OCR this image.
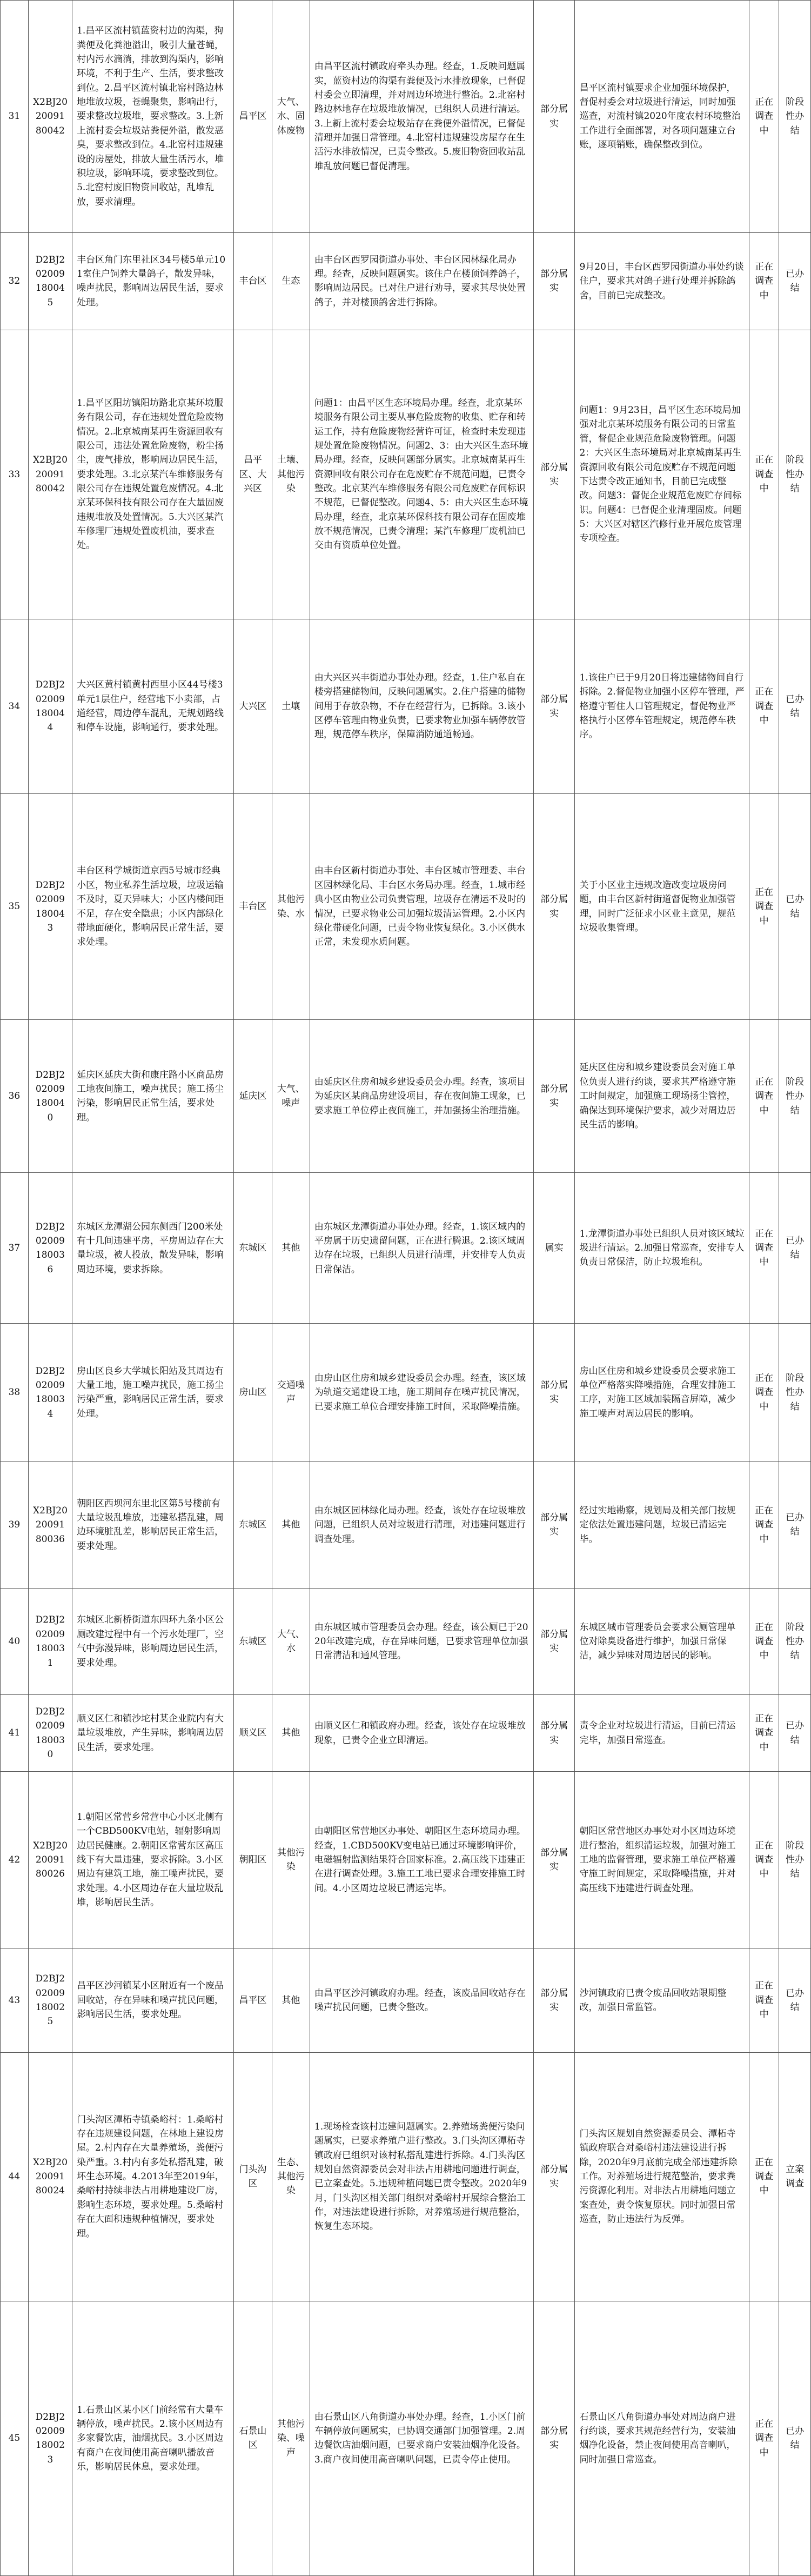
31	X2BJ202009180042	1.昌平区流村镇蓝资村边的沟渠，狗粪便及化粪池溢出，吸引大量苍蝇，村内污水滴淌，排放到沟渠内，影响环境，不利于生产、生活，要求整改到位。2.昌平区流村镇北窑村路边林地堆放垃圾，苍蝇聚集，影响出行，要求整改垃圾堆，要求整改。3.上新上流村委会垃圾站粪便外溢，散发恶臭，要求整改到位。4.北窑村违规建设的房屋处，排放大量生活污水，堆积垃圾，影响环境，要求整改到位。5.北窑村废旧物资回收站，乱堆乱放，要求清理。	昌平区	大气、水、固体废物	由昌平区流村镇政府牵头办理。经查，1.反映问题属实，蓝资村边的沟渠有粪便及污水排放现象，已督促村委会立即清理，并对周边环境进行整治。2.北窑村路边林地存在垃圾堆放情况，已组织人员进行清运。3.上新上流村委会垃圾站存在粪便外溢情况，已督促清理并加强日常管理。4.北窑村违规建设房屋存在生活污水排放情况，已责令整改。5.废旧物资回收站乱堆乱放问题已督促清理。	部分属实	昌平区流村镇要求企业加强环境保护，督促村委会对垃圾进行清运，同时加强巡查，对流村镇2020年度农村环境整治工作进行全面部署，对各项问题建立台账，逐项销账，确保整改到位。	正在调查中	阶段性办结
32	D2BJ202009180045	丰台区角门东里社区34号楼5单元101室住户饲养大量鸽子，散发异味，噪声扰民，影响周边居民生活，要求处理。	丰台区	生态	由丰台区西罗园街道办事处、丰台区园林绿化局办理。经查，反映问题属实。该住户在楼顶饲养鸽子，影响周边居民。已对住户进行劝导，要求其尽快处置鸽子，并对楼顶鸽舍进行拆除。	部分属实	9月20日，丰台区西罗园街道办事处约谈住户，要求其对鸽子进行处理并拆除鸽舍，目前已完成整改。	正在调查中	已办结
33	X2BJ202009180042	1.昌平区阳坊镇阳坊路北京某环境服务有限公司，存在违规处置危险废物情况。2.北京城南某再生资源回收有限公司，违法处置危险废物，粉尘扬尘，废气排放，影响周边居民生活，要求处理。3.北京某汽车维修服务有限公司存在违规处置危废情况。4.北京某环保科技有限公司存在大量固废违规堆放及处置情况。5.大兴区某汽车修理厂违规处置废机油，要求查处。	昌平区、大兴区	土壤、其他污染	问题1：由昌平区生态环境局办理。经查，北京某环境服务有限公司主要从事危险废物的收集、贮存和转运工作，持有危险废物经营许可证，检查时未发现违规处置危险废物情况。问题2、3：由大兴区生态环境局办理。经查，反映问题部分属实。北京城南某再生资源回收有限公司存在危废贮存不规范问题，已责令整改。北京某汽车维修服务有限公司危废贮存间标识不规范，已督促整改。问题4、5：由大兴区生态环境局办理，经查，北京某环保科技有限公司存在固废堆放不规范情况，已责令清理；某汽车修理厂废机油已交由有资质单位处置。	部分属实	问题1：9月23日，昌平区生态环境局加强对北京某环境服务有限公司的日常监管，督促企业规范危险废物管理。问题2：大兴区生态环境局对北京城南某再生资源回收有限公司危废贮存不规范问题下达责令改正通知书，目前已完成整改。问题3：督促企业规范危废贮存间标识。问题4：已督促企业清理固废。问题5：大兴区对辖区汽修行业开展危废管理专项检查。	正在调查中	阶段性办结
34	D2BJ202009180044	大兴区黄村镇黄村西里小区44号楼3单元1层住户，经营地下小卖部，占道经营，周边停车混乱，无规划路线和停车设施，影响通行，要求处理。	大兴区	土壤	由大兴区兴丰街道办事处办理。经查，1.住户私自在楼旁搭建储物间，反映问题属实。2.住户搭建的储物间用于存放杂物，不存在经营行为，已拆除。3.该小区停车管理由物业负责，已要求物业加强车辆停放管理，规范停车秩序，保障消防通道畅通。	部分属实	1.该住户已于9月20日将违建储物间自行拆除。2.督促物业加强小区停车管理，严格遵守暂住人口管理规定，督促物业严格执行小区停车管理规定，规范停车秩序。	正在调查中	已办结
35	D2BJ202009180043	丰台区科学城街道京西5号城市经典小区，物业私养生活垃圾，垃圾运输不及时，夏天异味大；小区内楼间距不足，存在安全隐患；小区内部绿化带地面硬化，影响居民正常生活，要求处理。	丰台区	其他污染、水	由丰台区新村街道办事处、丰台区城市管理委、丰台区园林绿化局、丰台区水务局办理。经查，1.城市经典小区由物业公司负责管理，垃圾存在清运不及时的情况，已要求物业公司加强垃圾清运管理。2.小区内绿化带硬化问题，已责令物业恢复绿化。3.小区供水正常，未发现水质问题。	部分属实	关于小区业主违规改造改变垃圾房问题，由丰台区新村街道督促物业加强管理，同时广泛征求小区业主意见，规范垃圾收集管理。	正在调查中	已办结
36	D2BJ202009180040	延庆区延庆大街和康庄路小区商品房工地夜间施工，噪声扰民；施工扬尘污染，影响居民正常生活，要求处理。	延庆区	大气、噪声	由延庆区住房和城乡建设委员会办理。经查，该项目为延庆区某商品房建设项目，存在夜间施工现象，已要求施工单位停止夜间施工，并加强扬尘治理措施。	部分属实	延庆区住房和城乡建设委员会对施工单位负责人进行约谈，要求其严格遵守施工时间规定，加强施工现场扬尘管控，确保达到环境保护要求，减少对周边居民生活的影响。	正在调查中	阶段性办结
37	D2BJ202009180036	东城区龙潭湖公园东侧西门200米处有十几间违建平房，平房周边存在大量垃圾，被人投放，散发异味，影响周边环境，要求拆除。	东城区	其他	由东城区龙潭街道办事处办理。经查，1.该区域内的平房属于历史遗留问题，正在进行腾退。2.该区域周边存在垃圾，已组织人员进行清理，并安排专人负责日常保洁。	属实	1.龙潭街道办事处已组织人员对该区域垃圾进行清运。2.加强日常巡查，安排专人负责日常保洁，防止垃圾堆积。	正在调查中	已办结
38	D2BJ202009180034	房山区良乡大学城长阳站及其周边有大量工地，施工噪声扰民，施工扬尘污染严重，影响居民正常生活，要求处理。	房山区	交通噪声	由房山区住房和城乡建设委员会办理。经查，该区域为轨道交通建设工地，施工期间存在噪声扰民情况，已要求施工单位合理安排施工时间，采取降噪措施。	部分属实	房山区住房和城乡建设委员会要求施工单位严格落实降噪措施，合理安排施工工序，对施工区域加装隔音屏障，减少施工噪声对周边居民的影响。	正在调查中	阶段性办结
39	X2BJ202009180036	朝阳区西坝河东里北区第5号楼前有大量垃圾乱堆放，违建私搭乱建，周边环境脏乱差，影响居民正常生活，要求处理。	东城区	其他	由东城区园林绿化局办理。经查，该处存在垃圾堆放问题，已组织人员对垃圾进行清理，对违建问题进行调查处理。	部分属实	经过实地勘察，规划局及相关部门按规定依法处置违建问题，垃圾已清运完毕。	正在调查中	已办结
40	D2BJ202009180031	东城区北新桥街道东四环九条小区公厕改建过程中有一个污水处理厂，空气中弥漫异味，影响周边居民生活，要求处理。	东城区	大气、水	由东城区城市管理委员会办理。经查，该公厕已于2020年改建完成，存在异味问题，已要求管理单位加强日常清洁和通风管理。	部分属实	东城区城市管理委员会要求公厕管理单位对除臭设备进行维护，加强日常保洁，减少异味对周边居民的影响。	正在调查中	阶段性办结
41	D2BJ202009180030	顺义区仁和镇沙坨村某企业院内有大量垃圾堆放，产生异味，影响周边居民生活，要求处理。	顺义区	其他	由顺义区仁和镇政府办理。经查，该处存在垃圾堆放现象，已责令企业立即清运。	部分属实	责令企业对垃圾进行清运，目前已清运完毕，加强日常巡查。	正在调查中	已办结
42	X2BJ202009180026	1.朝阳区常营乡常营中心小区北侧有一个CBD500KV电站，辐射影响周边居民健康。2.朝阳区常营东区高压线下有大量违建，要求拆除。3.小区周边有建筑工地，施工噪声扰民，要求处理。4.小区周边存在大量垃圾乱堆，影响居民生活。	朝阳区	其他污染	由朝阳区常营地区办事处、朝阳区生态环境局办理。经查，1.CBD500KV变电站已通过环境影响评价，电磁辐射监测结果符合国家标准。2.高压线下违建正在进行调查处理。3.施工工地已要求合理安排施工时间。4.小区周边垃圾已清运完毕。	部分属实	朝阳区常营地区办事处对小区周边环境进行整治，组织清运垃圾，加强对施工工地的监督管理，要求施工单位严格遵守施工时间规定，采取降噪措施，并对高压线下违建进行调查处理。	正在调查中	阶段性办结
43	D2BJ202009180025	昌平区沙河镇某小区附近有一个废品回收站，存在异味和噪声扰民问题，影响居民生活，要求处理。	昌平区	其他	由昌平区沙河镇政府办理。经查，该废品回收站存在噪声扰民问题，已责令整改。	部分属实	沙河镇政府已责令废品回收站限期整改，加强日常监管。	正在调查中	已办结
44	X2BJ202009180024	门头沟区潭柘寺镇桑峪村：1.桑峪村存在违规建设问题，在林地上建设房屋。2.村内存在大量养殖场，粪便污染严重。3.村内有多处私搭乱建，破坏生态环境。4.2013年至2019年，桑峪村持续非法占用耕地建设厂房，影响生态环境，要求处理。5.桑峪村存在大面积违规种植情况，要求处理。	门头沟区	生态、其他污染	1.现场检查该村违建问题属实。2.养殖场粪便污染问题属实，已要求养殖户进行整改。3.门头沟区潭柘寺镇政府已组织对该村私搭乱建进行拆除。4.门头沟区规划自然资源委员会对非法占用耕地问题进行调查，已立案查处。5.违规种植问题已责令整改。2020年9月，门头沟区相关部门组织对桑峪村开展综合整治工作，对违法建设进行拆除，对养殖场进行规范整治，恢复生态环境。	部分属实	门头沟区规划自然资源委员会、潭柘寺镇政府联合对桑峪村违法建设进行拆除，2020年9月底前完成全部违建拆除工作。对养殖场进行规范整治，要求粪污资源化利用。对非法占用耕地问题立案查处，责令恢复原状。同时加强日常巡查，防止违法行为反弹。	正在调查中	立案调查
45	D2BJ202009180023	1.石景山区某小区门前经常有大量车辆停放，噪声扰民。2.该小区周边有多家餐饮店，油烟扰民。3.小区周边有商户在夜间使用高音喇叭播放音乐，影响居民休息，要求处理。	石景山区	其他污染、噪声	由石景山区八角街道办事处办理。经查，1.小区门前车辆停放问题属实，已协调交通部门加强管理。2.周边餐饮店油烟问题，已要求商户安装油烟净化设备。3.商户夜间使用高音喇叭问题，已责令停止使用。	部分属实	石景山区八角街道办事处对周边商户进行约谈，要求其规范经营行为，安装油烟净化设备，禁止夜间使用高音喇叭，同时加强日常巡查。	正在调查中	已办结
